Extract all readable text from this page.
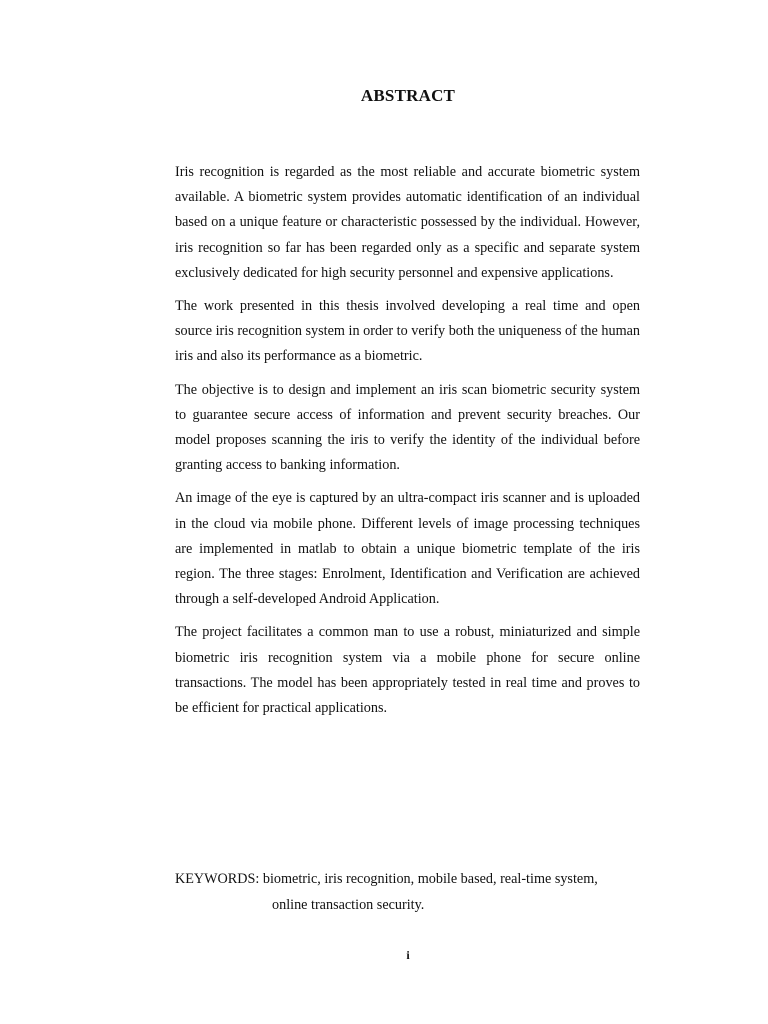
ABSTRACT

Iris recognition is regarded as the most reliable and accurate biometric system available. A biometric system provides automatic identification of an individual based on a unique feature or characteristic possessed by the individual. However, iris recognition so far has been regarded only as a specific and separate system exclusively dedicated for high security personnel and expensive applications.

The work presented in this thesis involved developing a real time and open source iris recognition system in order to verify both the uniqueness of the human iris and also its performance as a biometric.

The objective is to design and implement an iris scan biometric security system to guarantee secure access of information and prevent security breaches. Our model proposes scanning the iris to verify the identity of the individual before granting access to banking information.

An image of the eye is captured by an ultra-compact iris scanner and is uploaded in the cloud via mobile phone. Different levels of image processing techniques are implemented in matlab to obtain a unique biometric template of the iris region. The three stages: Enrolment, Identification and Verification are achieved through a self-developed Android Application.

The project facilitates a common man to use a robust, miniaturized and simple biometric iris recognition system via a mobile phone for secure online transactions. The model has been appropriately tested in real time and proves to be efficient for practical applications.

KEYWORDS: biometric, iris recognition, mobile based, real-time system,
online transaction security.
i
